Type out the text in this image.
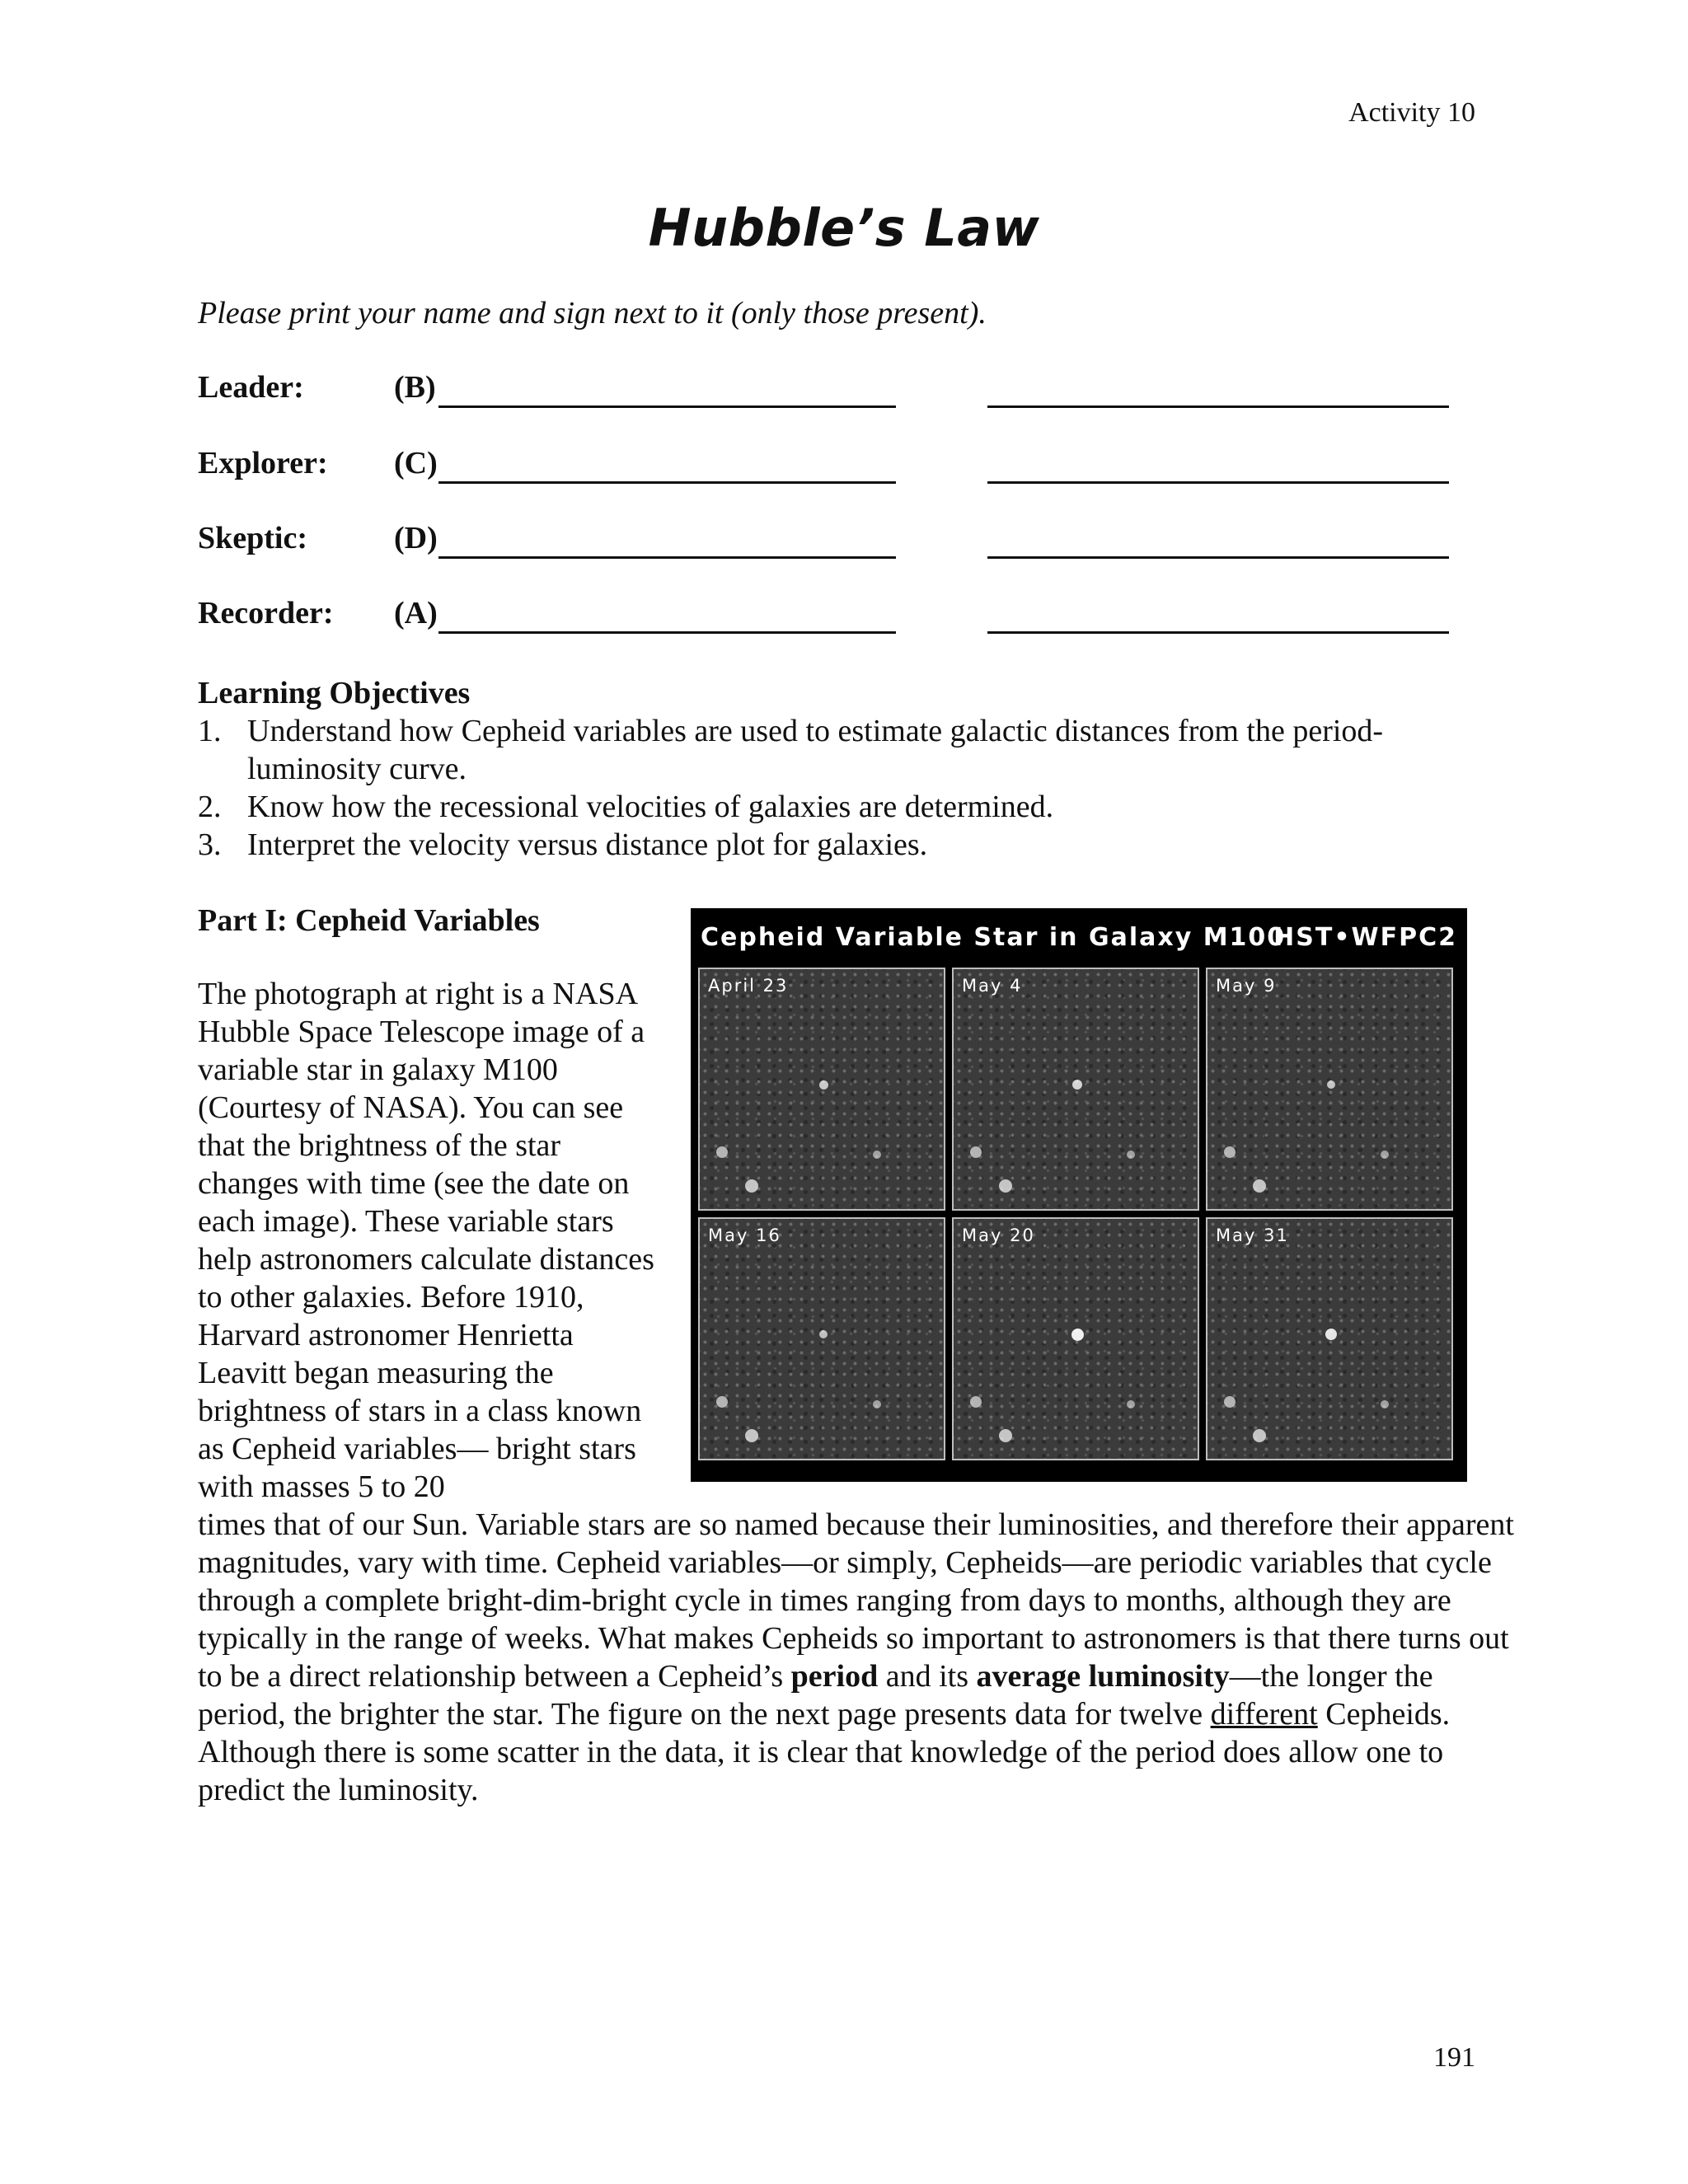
Activity 10
Hubble’s Law
Please print your name and sign next to it (only those present).
Leader:	(B)
Explorer: (C)
Skeptic:	(D)
Recorder: (A)
Learning Objectives
1. Understand how Cepheid variables are used to estimate galactic distances from the period-luminosity curve.
2. Know how the recessional velocities of galaxies are determined.
3. Interpret the velocity versus distance plot for galaxies.
Part I: Cepheid Variables	Cepheid Variable Star in Galaxy M100
HST•WFPC2
April 23	May 4	May 9
May 16	May 20	May 31
The photograph at right is a NASA Hubble Space Telescope image of a variable star in galaxy M100 (Courtesy of NASA). You can see that the brightness of the star changes with time (see the date on each image). These variable stars help astronomers calculate distances to other galaxies. Before 1910, Harvard astronomer Henrietta Leavitt began measuring the brightness of stars in a class known as Cepheid variables— bright stars with masses 5 to 20
times that of our Sun. Variable stars are so named because their luminosities, and therefore their apparent magnitudes, vary with time. Cepheid variables—or simply, Cepheids—are periodic variables that cycle through a complete bright-dim-bright cycle in times ranging from days to months, although they are typically in the range of weeks. What makes Cepheids so important to astronomers is that there turns out to be a direct relationship between a Cepheid’s period and its average luminosity—the longer the period, the brighter the star. The figure on the next page presents data for twelve different Cepheids. Although there is some scatter in the data, it is clear that knowledge of the period does allow one to predict the luminosity.
191
